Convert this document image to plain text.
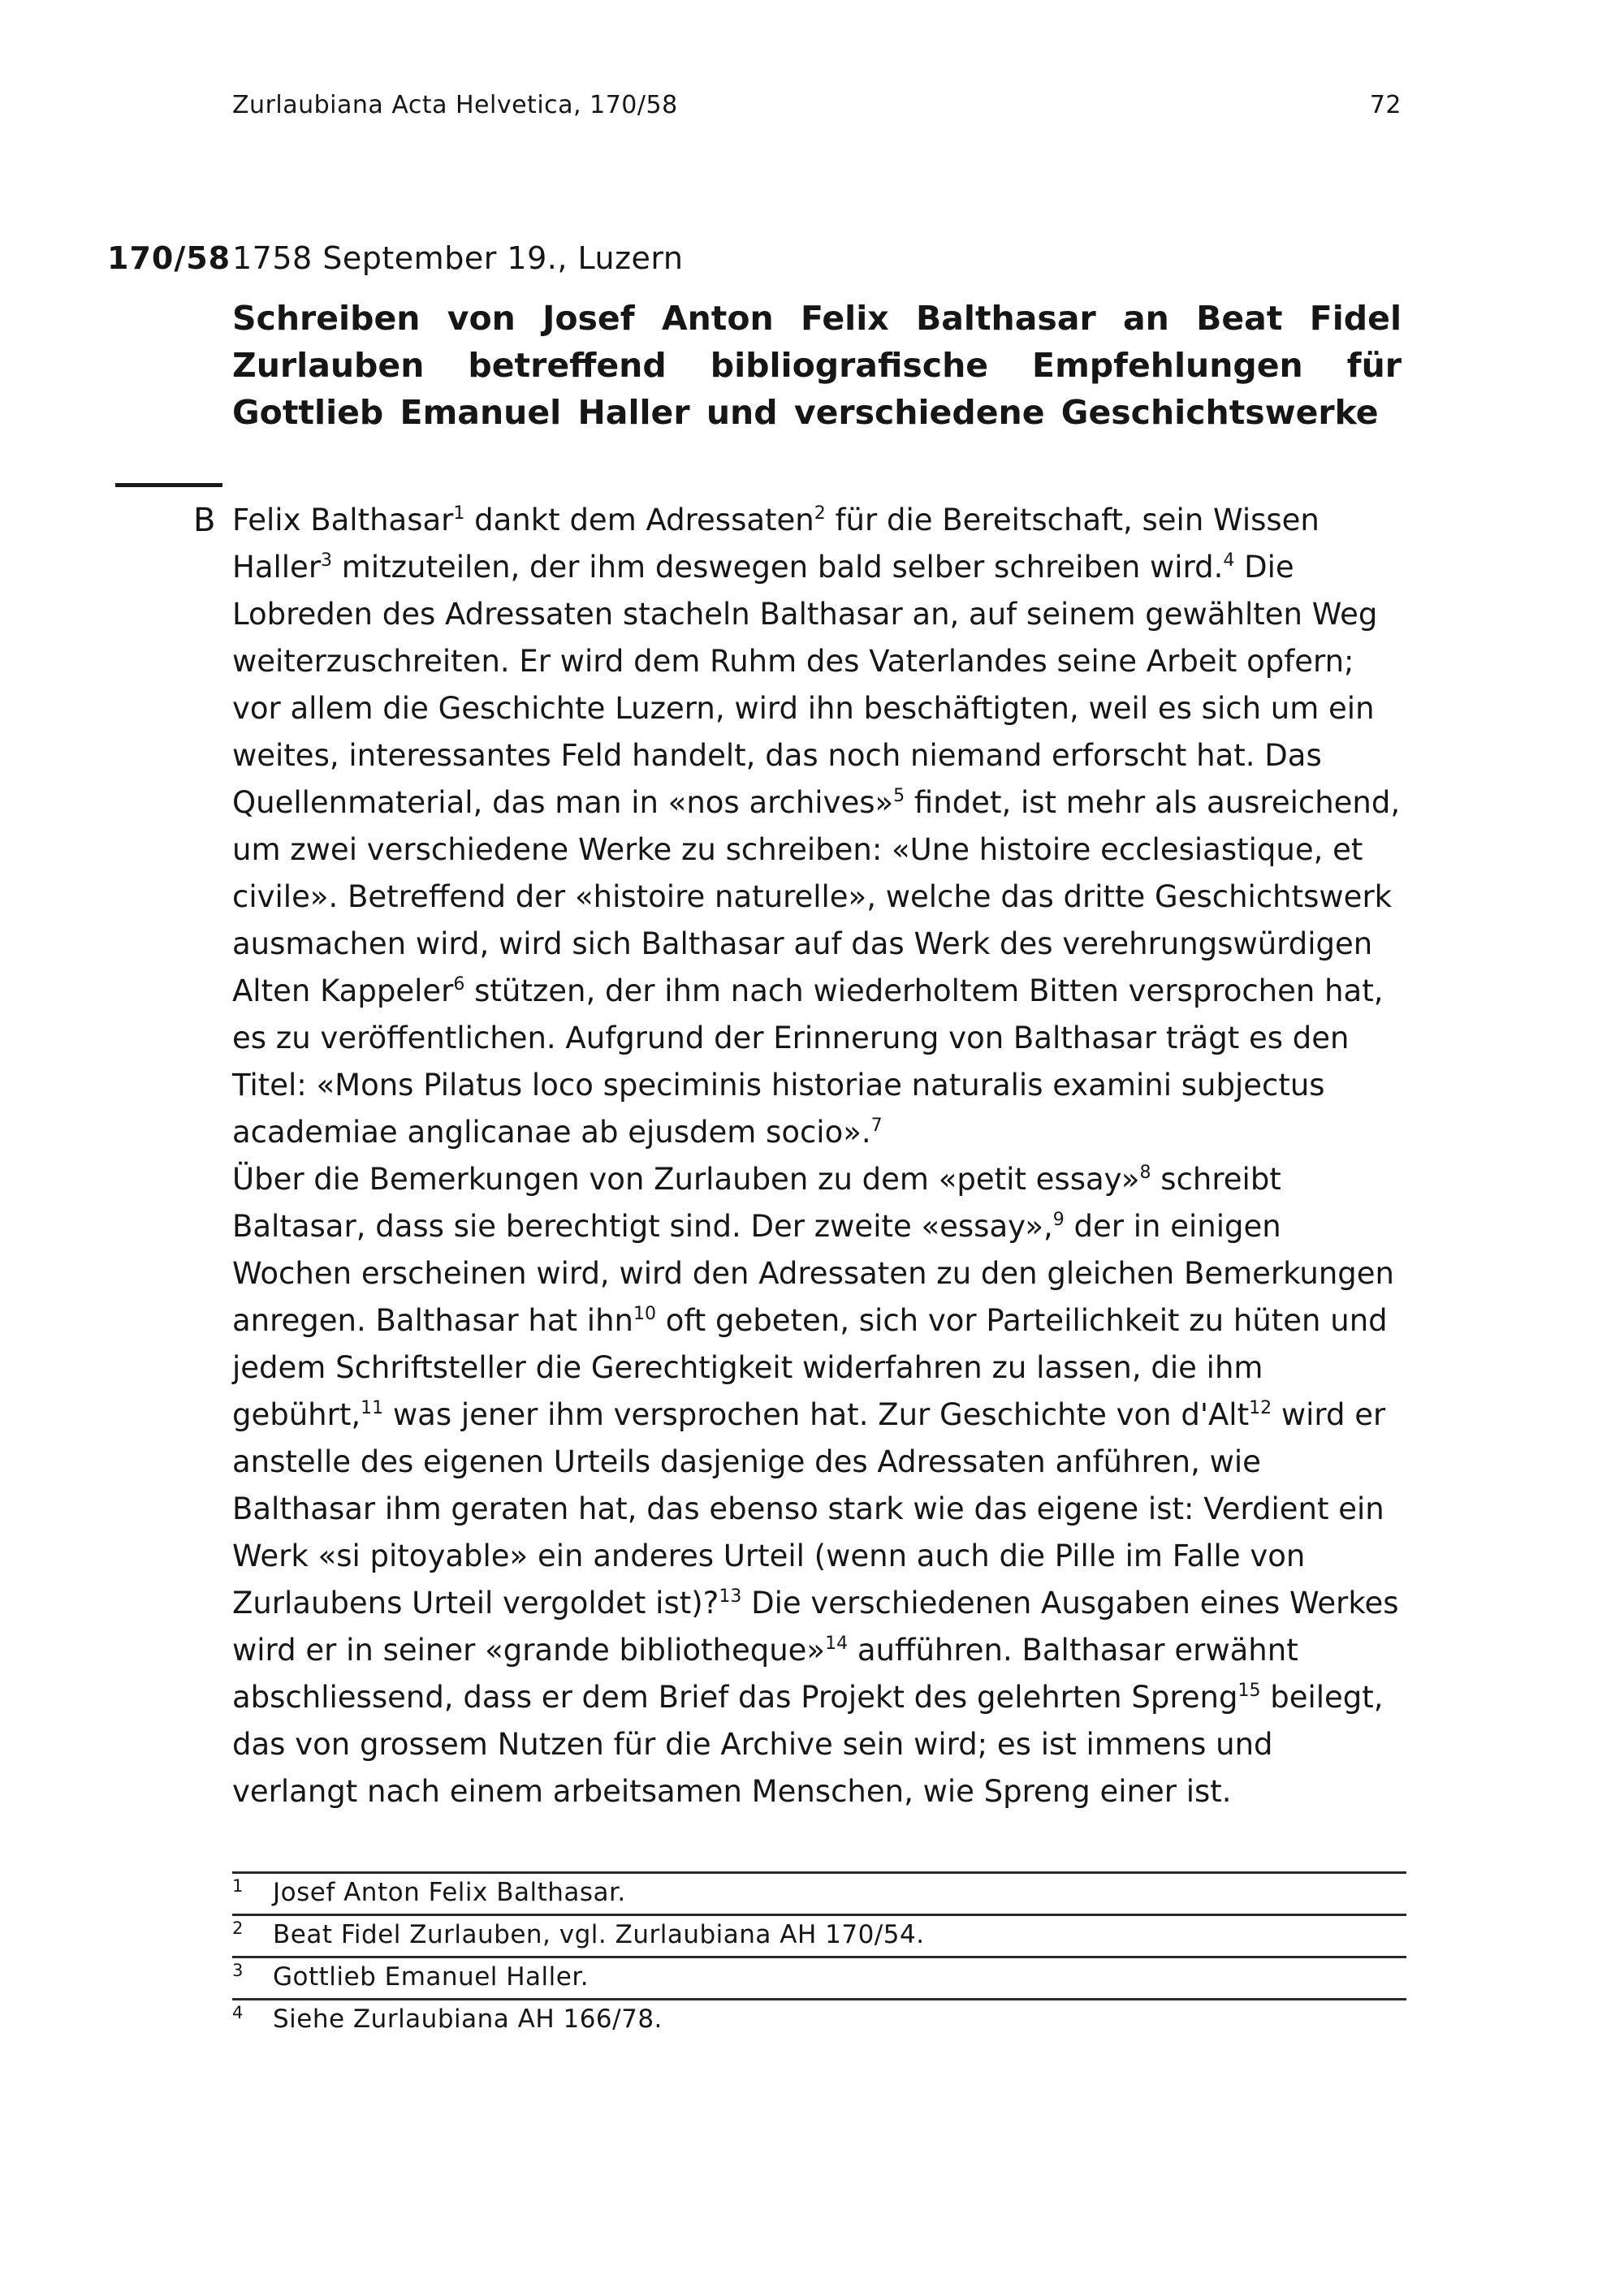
Zurlaubiana Acta Helvetica, 170/58	72
170/58 1758 September 19., Luzern
Schreiben von Josef Anton Felix Balthasar an Beat Fidel Zurlauben betreffend bibliografische Empfehlungen für Gottlieb Emanuel Haller und verschiedene Geschichtswerke
B Felix Balthasar$^1$ dankt dem Adressaten$^2$ für die Bereitschaft, sein Wissen Haller$^3$ mitzuteilen, der ihm deswegen bald selber schreiben wird.$^4$ Die Lobreden des Adressaten stacheln Balthasar an, auf seinem gewählten Weg weiterzuschreiten. Er wird dem Ruhm des Vaterlandes seine Arbeit opfern; vor allem die Geschichte Luzern, wird ihn beschäftigten, weil es sich um ein weites, interessantes Feld handelt, das noch niemand erforscht hat. Das Quellenmaterial, das man in «nos archives»$^5$ findet, ist mehr als ausreichend, um zwei verschiedene Werke zu schreiben: «Une histoire ecclesiastique, et civile». Betreffend der «histoire naturelle», welche das dritte Geschichtswerk ausmachen wird, wird sich Balthasar auf das Werk des verehrungswürdigen Alten Kappeler$^6$ stützen, der ihm nach wiederholtem Bitten versprochen hat, es zu veröffentlichen. Aufgrund der Erinnerung von Balthasar trägt es den Titel: «Mons Pilatus loco speciminis historiae naturalis examini subjectus academiae anglicanae ab ejusdem socio».$^7$

Über die Bemerkungen von Zurlauben zu dem «petit essay»$^8$ schreibt Baltasar, dass sie berechtigt sind. Der zweite «essay»,$^9$ der in einigen Wochen erscheinen wird, wird den Adressaten zu den gleichen Bemerkungen anregen. Balthasar hat ihn$^{10}$ oft gebeten, sich vor Parteilichkeit zu hüten und jedem Schriftsteller die Gerechtigkeit widerfahren zu lassen, die ihm gebührt,$^{11}$ was jener ihm versprochen hat. Zur Geschichte von d'Alt$^{12}$ wird er anstelle des eigenen Urteils dasjenige des Adressaten anführen, wie Balthasar ihm geraten hat, das ebenso stark wie das eigene ist: Verdient ein Werk «si pitoyable» ein anderes Urteil (wenn auch die Pille im Falle von Zurlaubens Urteil vergoldet ist)?$^{13}$ Die verschiedenen Ausgaben eines Werkes wird er in seiner «grande bibliotheque»$^{14}$ aufführen. Balthasar erwähnt abschliessend, dass er dem Brief das Projekt des gelehrten Spreng$^{15}$ beilegt, das von grossem Nutzen für die Archive sein wird; es ist immens und verlangt nach einem arbeitsamen Menschen, wie Spreng einer ist.

1 Josef Anton Felix Balthasar.
2 Beat Fidel Zurlauben, vgl. Zurlaubiana AH 170/54.
3 Gottlieb Emanuel Haller.
4 Siehe Zurlaubiana AH 166/78.
